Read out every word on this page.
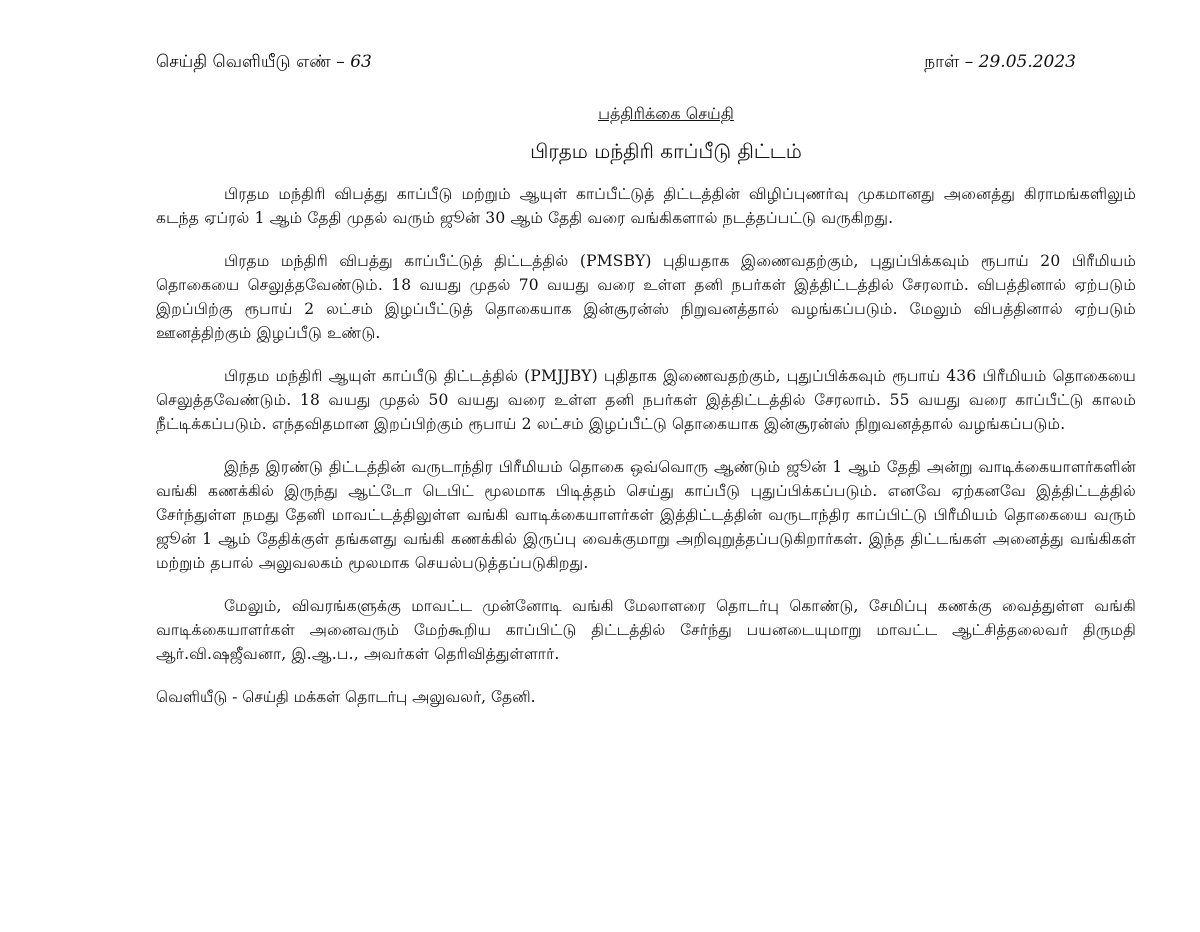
செய்தி வெளியீடு எண் – 63	நாள் – 29.05.2023
பத்திரிக்கை செய்தி
பிரதம மந்திரி காப்பீடு திட்டம்

பிரதம மந்திரி விபத்து காப்பீடு மற்றும் ஆயுள் காப்பீட்டுத் திட்டத்தின் விழிப்புணர்வு முகமானது அனைத்து கிராமங்களிலும் கடந்த ஏப்ரல் 1 ஆம் தேதி முதல் வரும் ஜூன் 30 ஆம் தேதி வரை வங்கிகளால் நடத்தப்பட்டு வருகிறது.

பிரதம மந்திரி விபத்து காப்பீட்டுத் திட்டத்தில் (PMSBY) புதியதாக இணைவதற்கும், புதுப்பிக்கவும் ரூபாய் 20 பிரீமியம் தொகையை செலுத்தவேண்டும். 18 வயது முதல் 70 வயது வரை உள்ள தனி நபர்கள் இத்திட்டத்தில் சேரலாம். விபத்தினால் ஏற்படும் இறப்பிற்கு ரூபாய் 2 லட்சம் இழப்பீட்டுத் தொகையாக இன்சூரன்ஸ் நிறுவனத்தால் வழங்கப்படும். மேலும் விபத்தினால் ஏற்படும் ஊனத்திற்கும் இழப்பீடு உண்டு.

பிரதம மந்திரி ஆயுள் காப்பீடு திட்டத்தில் (PMJJBY) புதிதாக இணைவதற்கும், புதுப்பிக்கவும் ரூபாய் 436 பிரீமியம் தொகையை செலுத்தவேண்டும். 18 வயது முதல் 50 வயது வரை உள்ள தனி நபர்கள் இத்திட்டத்தில் சேரலாம். 55 வயது வரை காப்பீட்டு காலம் நீட்டிக்கப்படும். எந்தவிதமான இறப்பிற்கும் ரூபாய் 2 லட்சம் இழப்பீட்டு தொகையாக இன்சூரன்ஸ் நிறுவனத்தால் வழங்கப்படும்.

இந்த இரண்டு திட்டத்தின் வருடாந்திர பிரீமியம் தொகை ஒவ்வொரு ஆண்டும் ஜூன் 1 ஆம் தேதி அன்று வாடிக்கையாளர்களின் வங்கி கணக்கில் இருந்து ஆட்டோ டெபிட் மூலமாக பிடித்தம் செய்து காப்பீடு புதுப்பிக்கப்படும். எனவே ஏற்கனவே இத்திட்டத்தில் சேர்ந்துள்ள நமது தேனி மாவட்டத்திலுள்ள வங்கி வாடிக்கையாளர்கள் இத்திட்டத்தின் வருடாந்திர காப்பிட்டு பிரீமியம் தொகையை வரும் ஜூன் 1 ஆம் தேதிக்குள் தங்களது வங்கி கணக்கில் இருப்பு வைக்குமாறு அறிவுறுத்தப்படுகிறார்கள். இந்த திட்டங்கள் அனைத்து வங்கிகள் மற்றும் தபால் அலுவலகம் மூலமாக செயல்படுத்தப்படுகிறது.

மேலும், விவரங்களுக்கு மாவட்ட முன்னோடி வங்கி மேலாளரை தொடர்பு கொண்டு, சேமிப்பு கணக்கு வைத்துள்ள வங்கி வாடிக்கையாளர்கள் அனைவரும் மேற்கூறிய காப்பிட்டு திட்டத்தில் சேர்ந்து பயனடையுமாறு மாவட்ட ஆட்சித்தலைவர் திருமதி ஆர்.வி.ஷஜீவனா, இ.ஆ.ப., அவர்கள் தெரிவித்துள்ளார்.

வெளியீடு - செய்தி மக்கள் தொடர்பு அலுவலர், தேனி.
